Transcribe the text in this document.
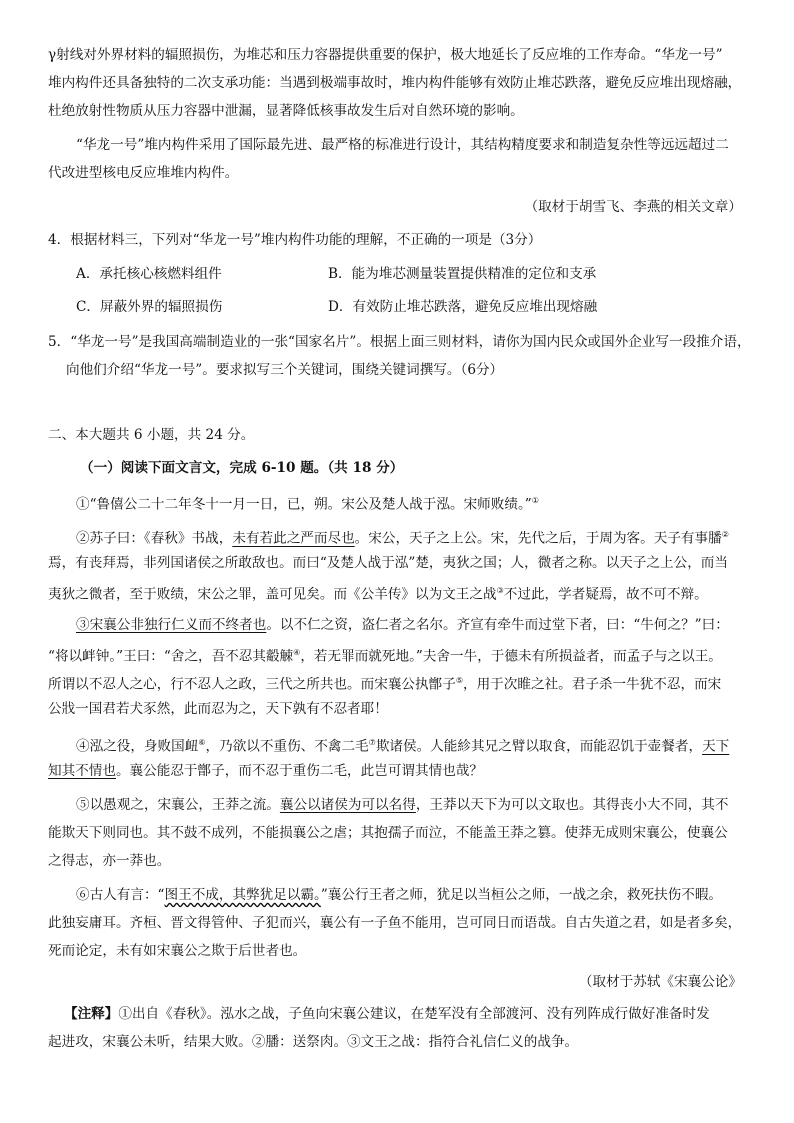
γ射线对外界材料的辐照损伤，为堆芯和压力容器提供重要的保护，极大地延长了反应堆的工作寿命。“华龙一号”
堆内构件还具备独特的二次支承功能：当遇到极端事故时，堆内构件能够有效防止堆芯跌落，避免反应堆出现熔融，
杜绝放射性物质从压力容器中泄漏，显著降低核事故发生后对自然环境的影响。
“华龙一号”堆内构件采用了国际最先进、最严格的标准进行设计，其结构精度要求和制造复杂性等远远超过二
代改进型核电反应堆堆内构件。
（取材于胡雪飞、李燕的相关文章）
4．根据材料三，下列对“华龙一号”堆内构件功能的理解，不正确的一项是（3分）
A．承托核心核燃料组件	B．能为堆芯测量装置提供精准的定位和支承
C．屏蔽外界的辐照损伤	D．有效防止堆芯跌落，避免反应堆出现熔融
5．“华龙一号”是我国高端制造业的一张“国家名片”。根据上面三则材料，请你为国内民众或国外企业写一段推介语，
向他们介绍“华龙一号”。要求拟写三个关键词，围绕关键词撰写。（6分）
二、本大题共 6 小题，共 24 分。
（一）阅读下面文言文，完成 6-10 题。（共 18 分）
①“鲁僖公二十二年冬十一月一日，已，朔。宋公及楚人战于泓。宋师败绩。”①
②苏子曰：《春秋》书战，未有若此之严而尽也。宋公，天子之上公。宋，先代之后，于周为客。天子有事膰②
焉，有丧拜焉，非列国诸侯之所敢敌也。而曰“及楚人战于泓”楚，夷狄之国；人，微者之称。以天子之上公，而当
夷狄之微者，至于败绩，宋公之罪，盖可见矣。而《公羊传》以为文王之战③不过此，学者疑焉，故不可不辩。
③宋襄公非独行仁义而不终者也。以不仁之资，盗仁者之名尔。齐宣有牵牛而过堂下者，曰：“牛何之？”曰：
“将以衅钟。”王曰：“舍之，吾不忍其觳觫④，若无罪而就死地。”夫舍一牛，于德未有所损益者，而孟子与之以王。
所谓以不忍人之心，行不忍人之政，三代之所共也。而宋襄公执鄫子⑤，用于次睢之社。君子杀一牛犹不忍，而宋
公戕一国君若犬豕然，此而忍为之，天下孰有不忍者耶！
④泓之役，身败国衄⑥，乃欲以不重伤、不禽二毛⑦欺诸侯。人能紾其兄之臂以取食，而能忍饥于壶餐者，天下
知其不情也。襄公能忍于鄫子，而不忍于重伤二毛，此岂可谓其情也哉？
⑤以愚观之，宋襄公，王莽之流。襄公以诸侯为可以名得，王莽以天下为可以文取也。其得丧小大不同，其不
能欺天下则同也。其不鼓不成列，不能损襄公之虐；其抱孺子而泣，不能盖王莽之篡。使莽无成则宋襄公，使襄公
之得志，亦一莽也。
⑥古人有言：“图王不成，其弊犹足以霸。”襄公行王者之师，犹足以当桓公之师，一战之余，救死扶伤不暇。
此独妄庸耳。齐桓、晋文得管仲、子犯而兴，襄公有一子鱼不能用，岂可同日而语哉。自古失道之君，如是者多矣，
死而论定，未有如宋襄公之欺于后世者也。
（取材于苏轼《宋襄公论》
【注释】①出自《春秋》。泓水之战，子鱼向宋襄公建议，在楚军没有全部渡河、没有列阵成行做好准备时发
起进攻，宋襄公未听，结果大败。②膰：送祭肉。③文王之战：指符合礼信仁义的战争。
